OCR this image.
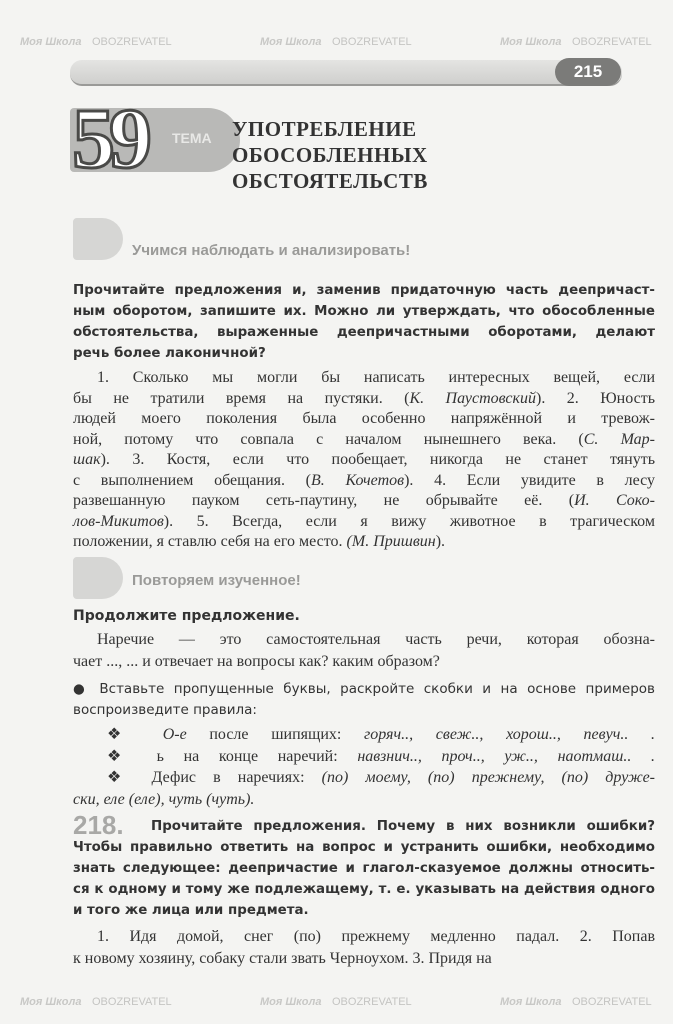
215
59 ТЕМА УПОТРЕБЛЕНИЕ
ОБОСОБЛЕННЫХ
ОБСТОЯТЕЛЬСТВ
Учимся наблюдать и анализировать!
Прочитайте предложения и, заменив придаточную часть деепричаст-
ным оборотом, запишите их. Можно ли утверждать, что обособленные
обстоятельства, выраженные деепричастными оборотами, делают
речь более лаконичной?
1. Сколько мы могли бы написать интересных вещей, если
бы не тратили время на пустяки. (К. Паустовский). 2. Юность
людей моего поколения была особенно напряжённой и тревож-
ной, потому что совпала с началом нынешнего века. (С. Мар-
шак). 3. Костя, если что пообещает, никогда не станет тянуть
с выполнением обещания. (В. Кочетов). 4. Если увидите в лесу
развешанную пауком сеть-паутину, не обрывайте её. (И. Соко-
лов-Микитов). 5. Всегда, если я вижу животное в трагическом
положении, я ставлю себя на его место. (М. Пришвин).
Повторяем изученное!
Продолжите предложение.
Наречие — это самостоятельная часть речи, которая обозна-
чает ..., ... и отвечает на вопросы как? каким образом?
● Вставьте пропущенные буквы, раскройте скобки и на основе примеров
воспроизведите правила:
❖ О-е после шипящих: горяч.., свеж.., хорош.., певуч.. .
❖ ь на конце наречий: навзнич.., проч.., уж.., наотмаш.. .
❖ Дефис в наречиях: (по) моему, (по) прежнему, (по) друже-
ски, еле (еле), чуть (чуть).
218.	Прочитайте предложения. Почему в них возникли ошибки?
Чтобы правильно ответить на вопрос и устранить ошибки, необходимо
знать следующее: деепричастие и глагол-сказуемое должны относить-
ся к одному и тому же подлежащему, т. е. указывать на действия одного
и того же лица или предмета.
1. Идя домой, снег (по) прежнему медленно падал. 2. Попав
к новому хозяину, собаку стали звать Черноухом. 3. Придя на
Моя Школа OBOZREVATEL	Моя Школа OBOZREVATEL	Моя Школа OBOZREVATEL
Моя Школа OBOZREVATEL	Моя Школа OBOZREVATEL	Моя Школа OBOZREVATEL
